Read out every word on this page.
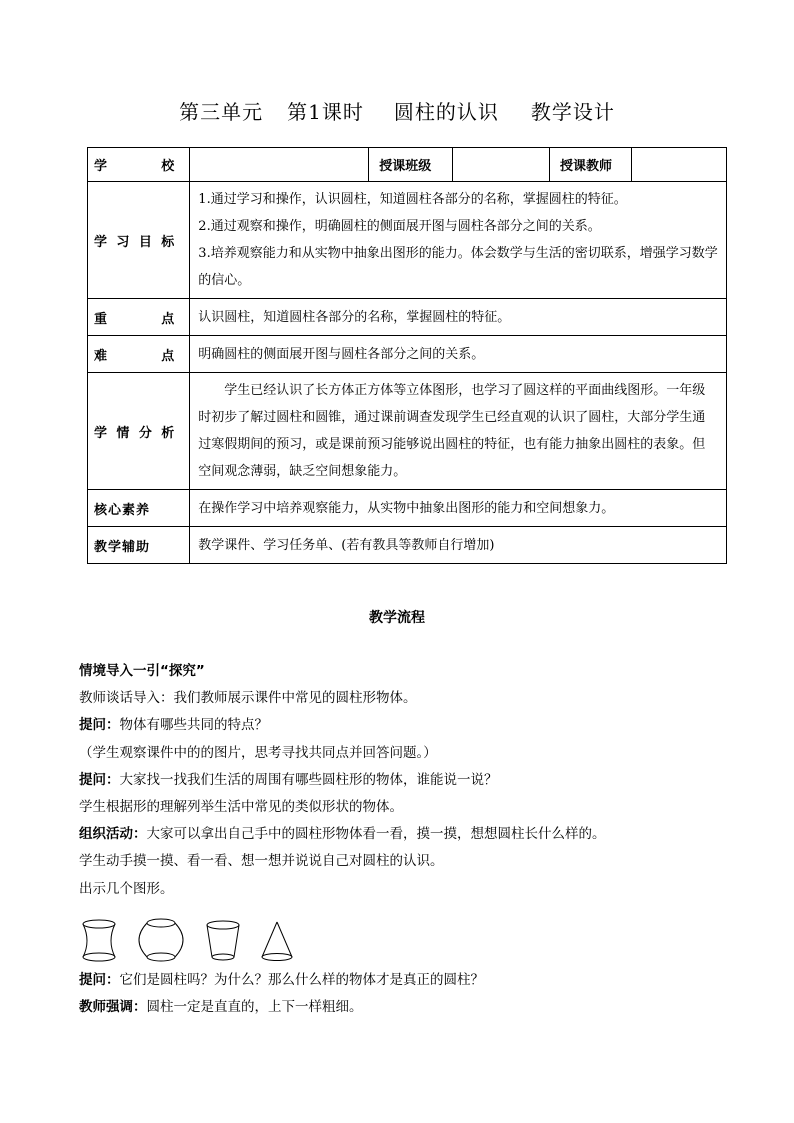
第三单元 第1课时 圆柱的认识 教学设计
学 校		授课班级		授课教师	
学习目标	1.通过学习和操作，认识圆柱，知道圆柱各部分的名称，掌握圆柱的特征。

2.通过观察和操作，明确圆柱的侧面展开图与圆柱各部分之间的关系。

3.培养观察能力和从实物中抽象出图形的能力。体会数学与生活的密切联系，增强学习数学的信心。				

重 点	认识圆柱，知道圆柱各部分的名称，掌握圆柱的特征。				

难 点	明确圆柱的侧面展开图与圆柱各部分之间的关系。				

学情分析	学生已经认识了长方体正方体等立体图形，也学习了圆这样的平面曲线图形。一年级时初步了解过圆柱和圆锥，通过课前调查发现学生已经直观的认识了圆柱，大部分学生通过寒假期间的预习，或是课前预习能够说出圆柱的特征，也有能力抽象出圆柱的表象。但空间观念薄弱，缺乏空间想象能力。				

核心素养	在操作学习中培养观察能力，从实物中抽象出图形的能力和空间想象力。				

教学辅助	教学课件、学习任务单、(若有教具等教师自行增加)				

教学流程

情境导入一引“探究”

教师谈话导入：我们教师展示课件中常见的圆柱形物体。

提问：物体有哪些共同的特点？

（学生观察课件中的的图片，思考寻找共同点并回答问题。）

提问：大家找一找我们生活的周围有哪些圆柱形的物体，谁能说一说？

学生根据形的理解列举生活中常见的类似形状的物体。

组织活动：大家可以拿出自己手中的圆柱形物体看一看，摸一摸，想想圆柱长什么样的。

学生动手摸一摸、看一看、想一想并说说自己对圆柱的认识。

出示几个图形。

提问：它们是圆柱吗？为什么？那么什么样的物体才是真正的圆柱？

教师强调：圆柱一定是直直的，上下一样粗细。
